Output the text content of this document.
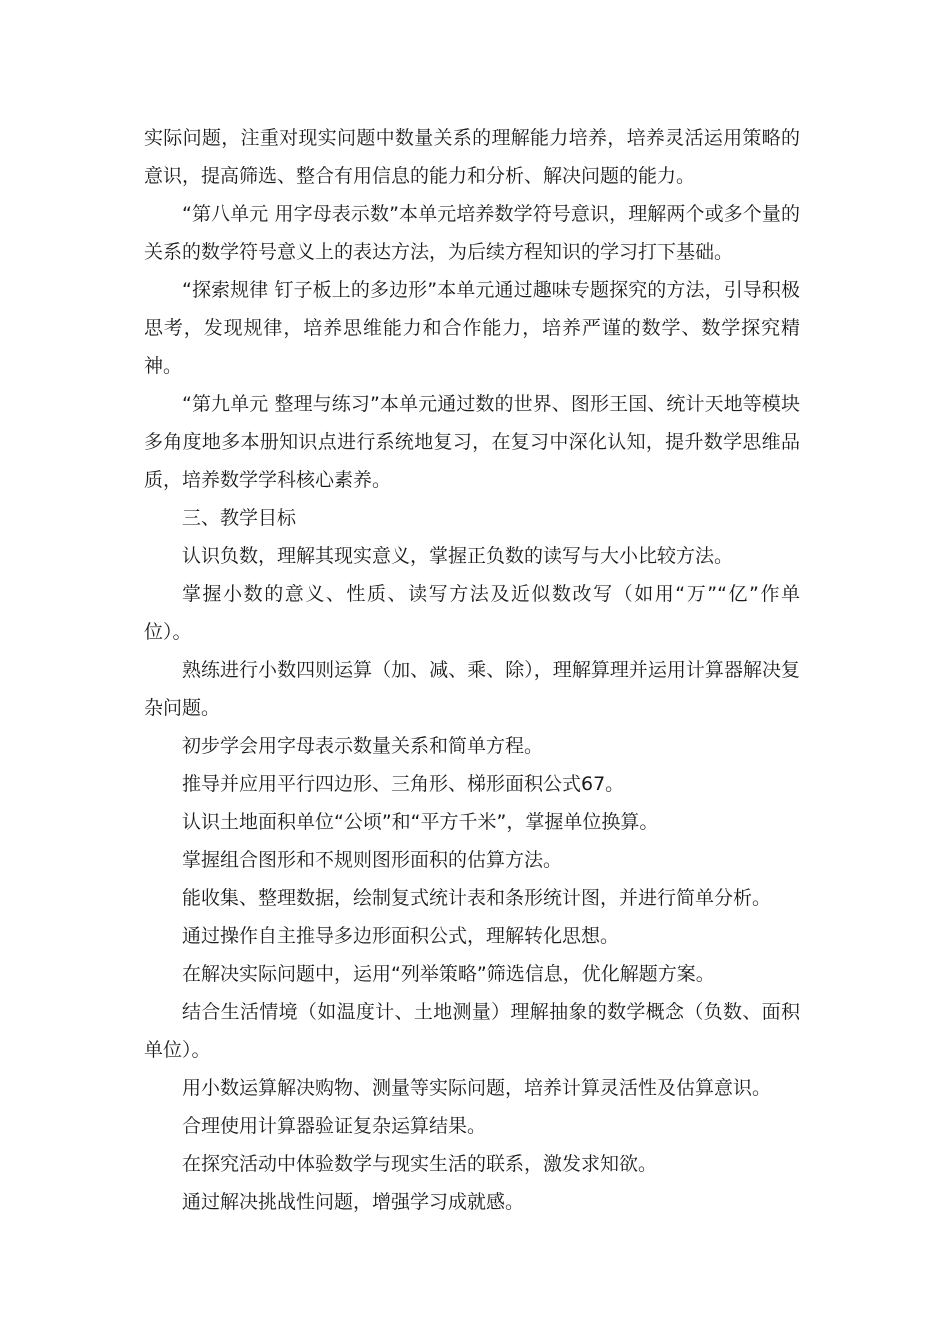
实际问题，注重对现实问题中数量关系的理解能力培养，培养灵活运用策略的意识，提高筛选、整合有用信息的能力和分析、解决问题的能力。

“第八单元 用字母表示数”本单元培养数学符号意识，理解两个或多个量的关系的数学符号意义上的表达方法，为后续方程知识的学习打下基础。

“探索规律 钉子板上的多边形”本单元通过趣味专题探究的方法，引导积极思考，发现规律，培养思维能力和合作能力，培养严谨的数学、数学探究精神。

“第九单元 整理与练习”本单元通过数的世界、图形王国、统计天地等模块多角度地多本册知识点进行系统地复习，在复习中深化认知，提升数学思维品质，培养数学学科核心素养。

三、教学目标

认识负数，理解其现实意义，掌握正负数的读写与大小比较方法。

掌握小数的意义、性质、读写方法及近似数改写（如用“万”“亿”作单位）。

熟练进行小数四则运算（加、减、乘、除），理解算理并运用计算器解决复杂问题。

初步学会用字母表示数量关系和简单方程。

推导并应用平行四边形、三角形、梯形面积公式67。

认识土地面积单位“公顷”和“平方千米”，掌握单位换算。

掌握组合图形和不规则图形面积的估算方法。

能收集、整理数据，绘制复式统计表和条形统计图，并进行简单分析。

通过操作自主推导多边形面积公式，理解转化思想。

在解决实际问题中，运用“列举策略”筛选信息，优化解题方案。

结合生活情境（如温度计、土地测量）理解抽象的数学概念（负数、面积单位）。

用小数运算解决购物、测量等实际问题，培养计算灵活性及估算意识。

合理使用计算器验证复杂运算结果。

在探究活动中体验数学与现实生活的联系，激发求知欲。

通过解决挑战性问题，增强学习成就感。
